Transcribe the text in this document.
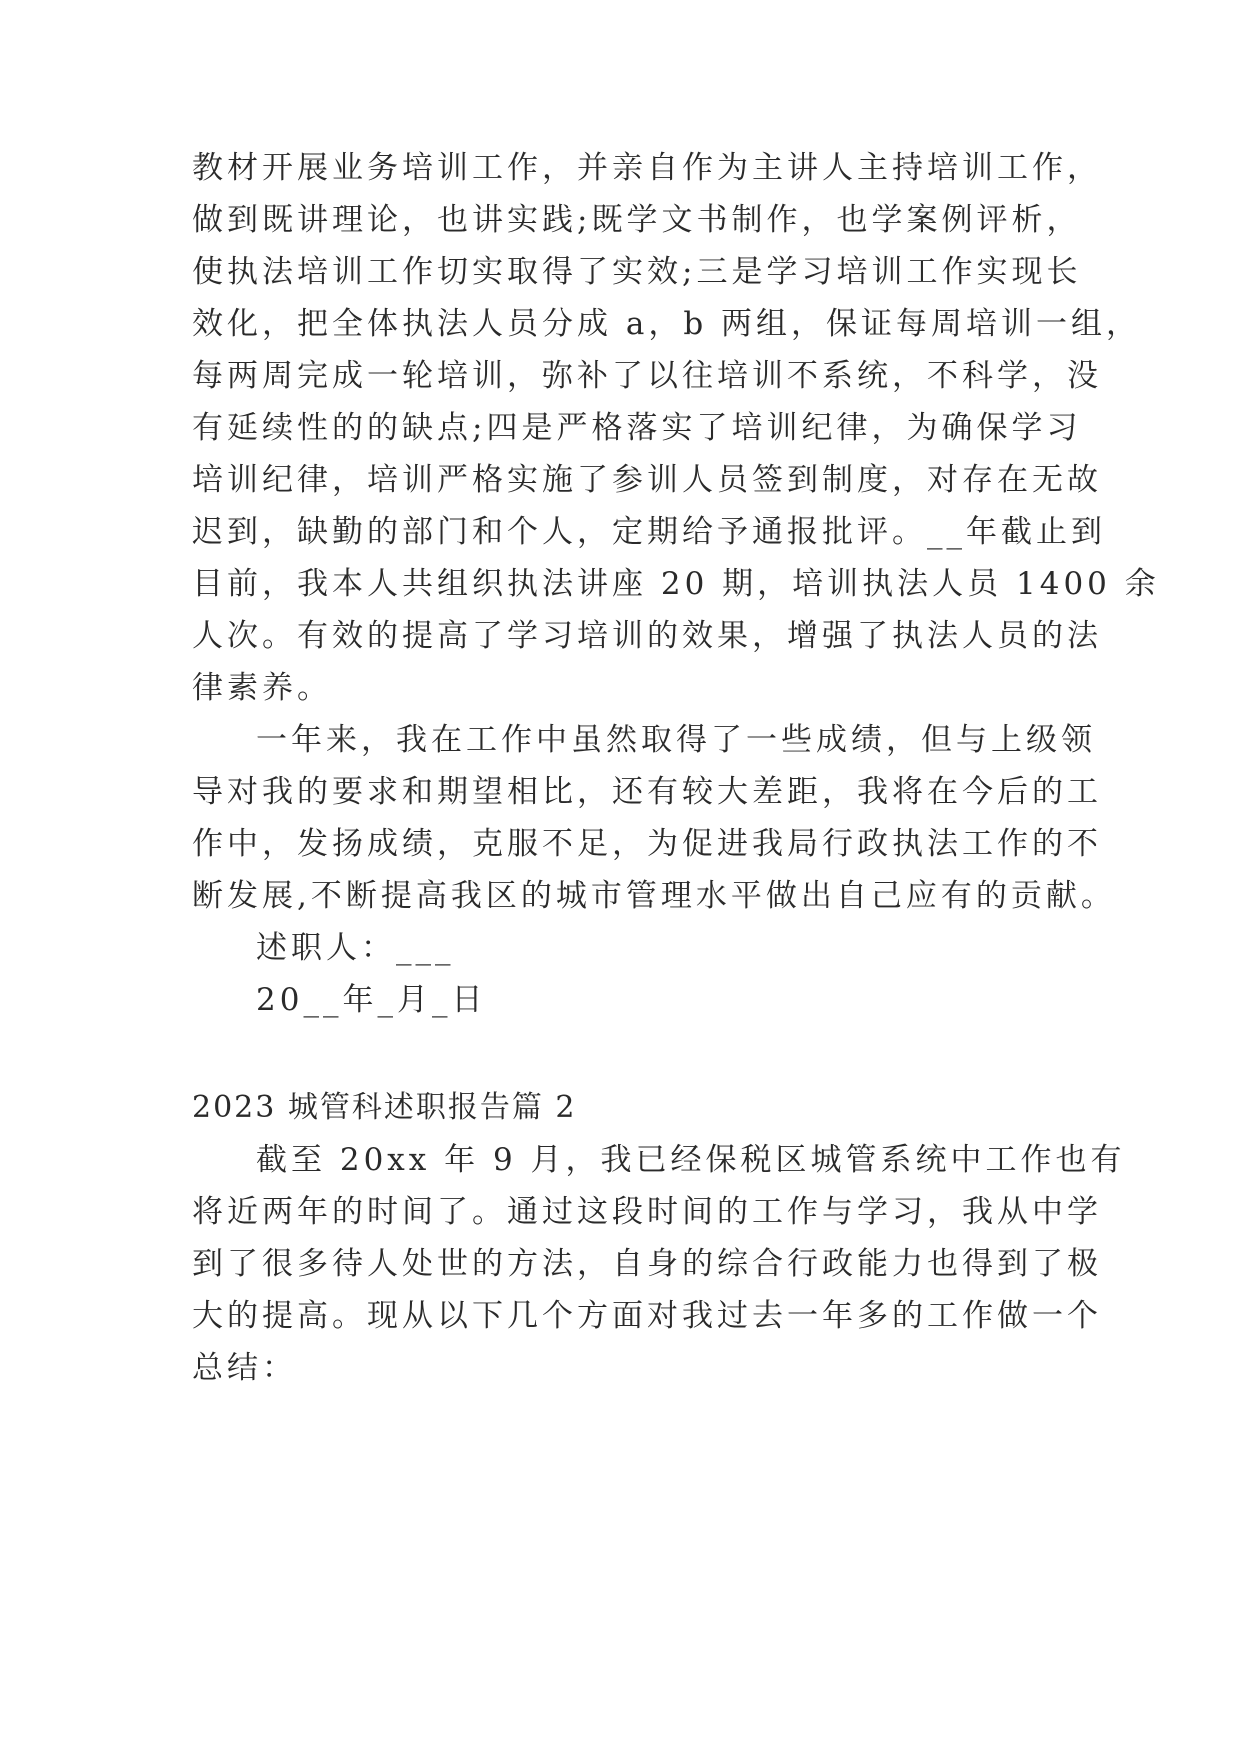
教材开展业务培训工作，并亲自作为主讲人主持培训工作，
做到既讲理论，也讲实践;既学文书制作，也学案例评析，
使执法培训工作切实取得了实效;三是学习培训工作实现长
效化，把全体执法人员分成 a，b 两组，保证每周培训一组，
每两周完成一轮培训，弥补了以往培训不系统，不科学，没
有延续性的的缺点;四是严格落实了培训纪律，为确保学习
培训纪律，培训严格实施了参训人员签到制度，对存在无故
迟到，缺勤的部门和个人，定期给予通报批评。__年截止到
目前，我本人共组织执法讲座 20 期，培训执法人员 1400 余
人次。有效的提高了学习培训的效果，增强了执法人员的法
律素养。
一年来，我在工作中虽然取得了一些成绩，但与上级领
导对我的要求和期望相比，还有较大差距，我将在今后的工
作中，发扬成绩，克服不足，为促进我局行政执法工作的不
断发展,不断提高我区的城市管理水平做出自己应有的贡献。
述职人：___
20__年_月_日
2023 城管科述职报告篇 2
截至 20xx 年 9 月，我已经保税区城管系统中工作也有
将近两年的时间了。通过这段时间的工作与学习，我从中学
到了很多待人处世的方法，自身的综合行政能力也得到了极
大的提高。现从以下几个方面对我过去一年多的工作做一个
总结：
